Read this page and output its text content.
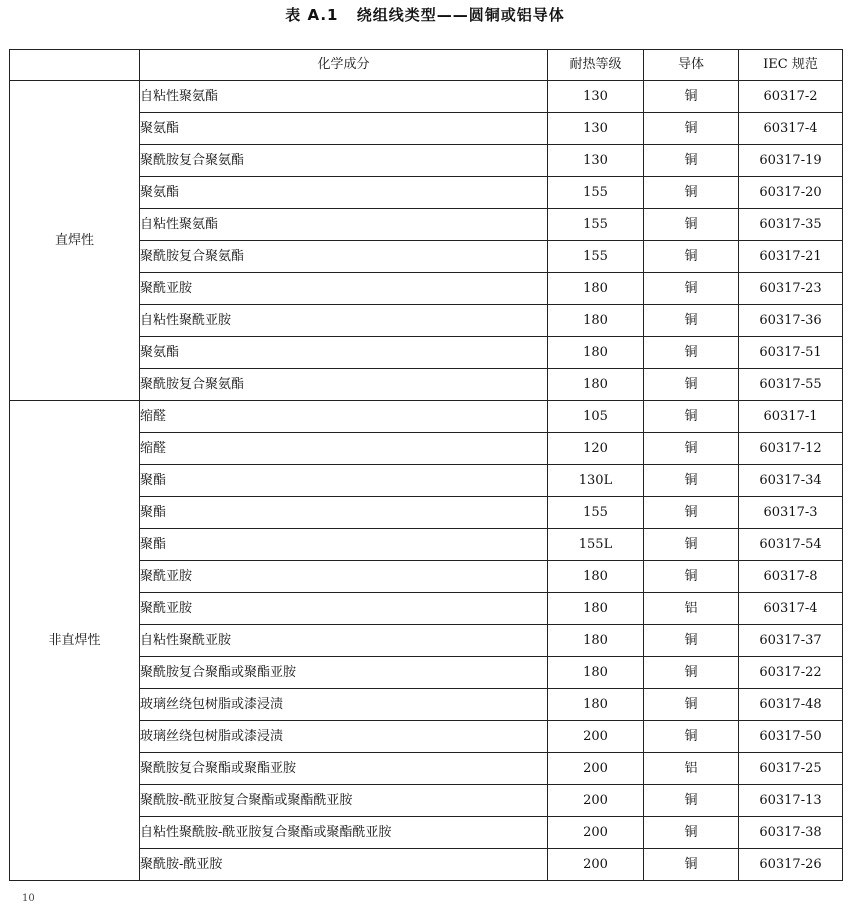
表 A.1 绕组线类型——圆铜或铝导体
	化学成分	耐热等级	导体	IEC 规范
直焊性	自粘性聚氨酯	130	铜	60317-2
	聚氨酯	130	铜	60317-4
	聚酰胺复合聚氨酯	130	铜	60317-19
	聚氨酯	155	铜	60317-20
	自粘性聚氨酯	155	铜	60317-35
	聚酰胺复合聚氨酯	155	铜	60317-21
	聚酰亚胺	180	铜	60317-23
	自粘性聚酰亚胺	180	铜	60317-36
	聚氨酯	180	铜	60317-51
	聚酰胺复合聚氨酯	180	铜	60317-55
非直焊性	缩醛	105	铜	60317-1
	缩醛	120	铜	60317-12
	聚酯	130L	铜	60317-34
	聚酯	155	铜	60317-3
	聚酯	155L	铜	60317-54
	聚酰亚胺	180	铜	60317-8
	聚酰亚胺	180	铝	60317-4
	自粘性聚酰亚胺	180	铜	60317-37
	聚酰胺复合聚酯或聚酯亚胺	180	铜	60317-22
	玻璃丝绕包树脂或漆浸渍	180	铜	60317-48
	玻璃丝绕包树脂或漆浸渍	200	铜	60317-50
	聚酰胺复合聚酯或聚酯亚胺	200	铝	60317-25
	聚酰胺-酰亚胺复合聚酯或聚酯酰亚胺	200	铜	60317-13
	自粘性聚酰胺-酰亚胺复合聚酯或聚酯酰亚胺	200	铜	60317-38
	聚酰胺-酰亚胺	200	铜	60317-26
10
